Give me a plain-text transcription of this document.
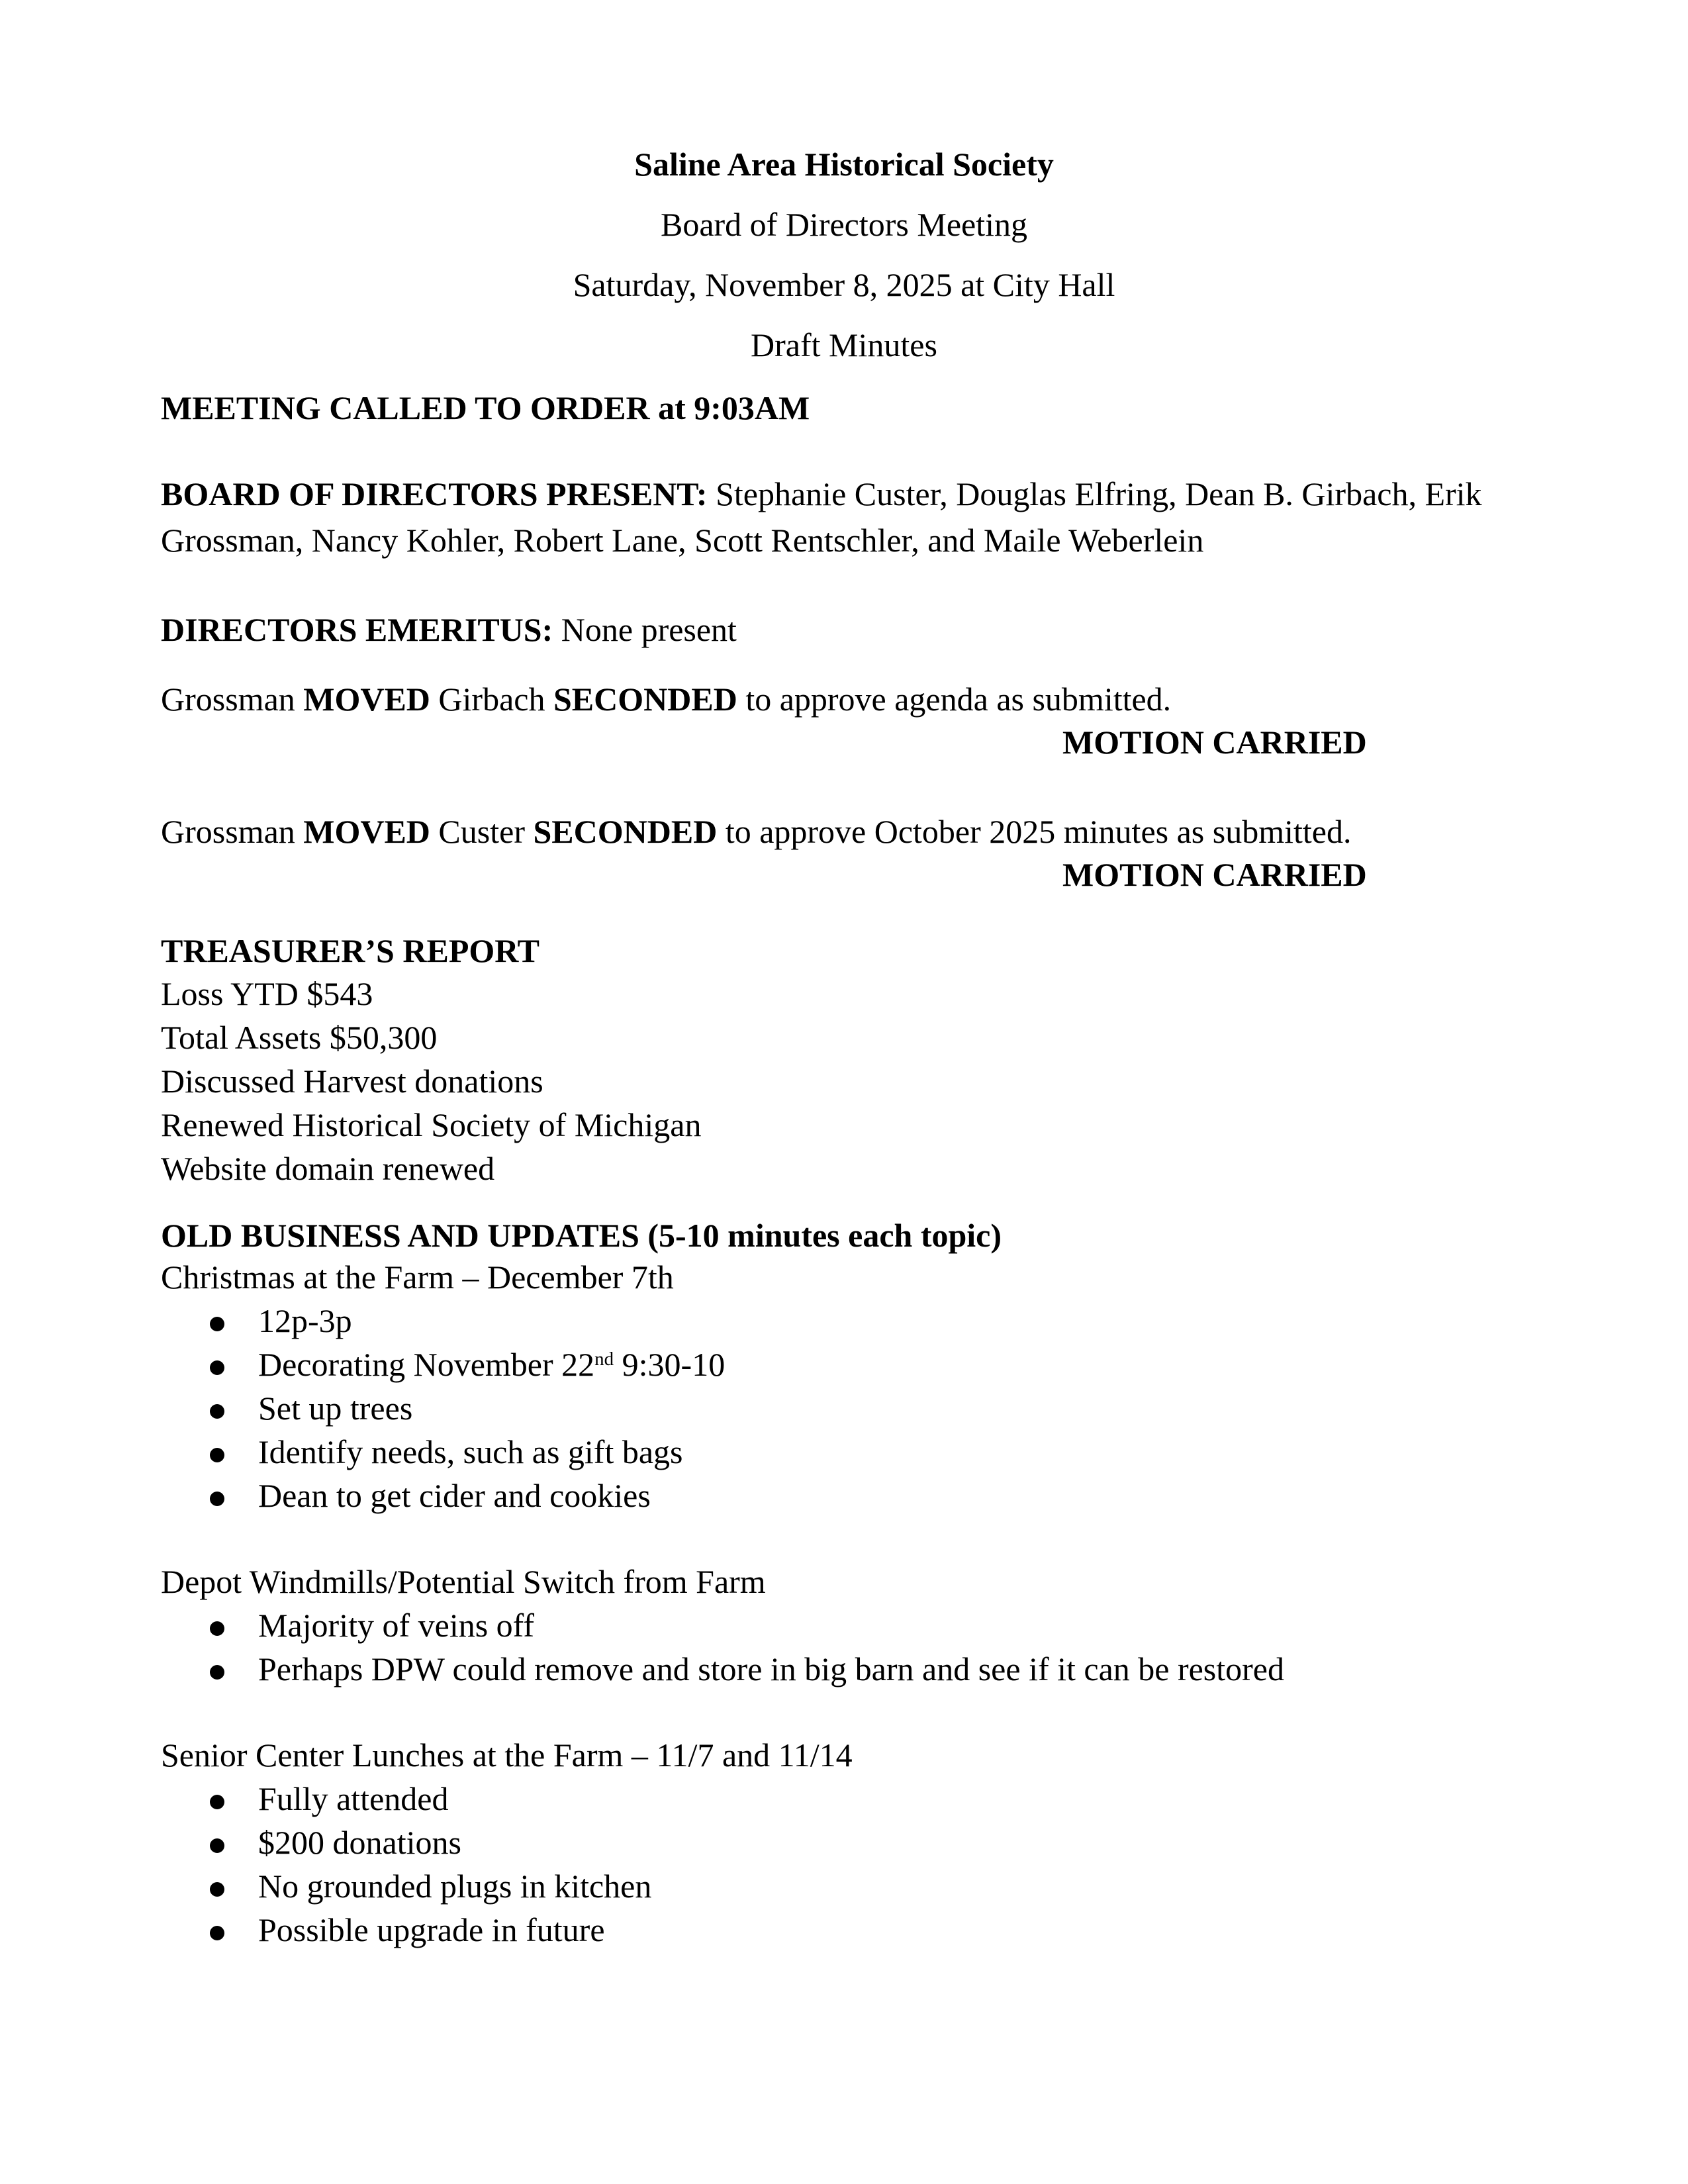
Saline Area Historical Society
Board of Directors Meeting
Saturday, November 8, 2025 at City Hall
Draft Minutes
MEETING CALLED TO ORDER at 9:03AM
BOARD OF DIRECTORS PRESENT: Stephanie Custer, Douglas Elfring, Dean B. Girbach, Erik Grossman, Nancy Kohler, Robert Lane, Scott Rentschler, and Maile Weberlein
DIRECTORS EMERITUS: None present
Grossman MOVED Girbach SECONDED to approve agenda as submitted.
MOTION CARRIED
Grossman MOVED Custer SECONDED to approve October 2025 minutes as submitted.
MOTION CARRIED
TREASURER’S REPORT
Loss YTD $543
Total Assets $50,300
Discussed Harvest donations
Renewed Historical Society of Michigan
Website domain renewed
OLD BUSINESS AND UPDATES (5-10 minutes each topic)
Christmas at the Farm – December 7th
12p-3p
Decorating November 22nd 9:30-10
Set up trees
Identify needs, such as gift bags
Dean to get cider and cookies
Depot Windmills/Potential Switch from Farm
Majority of veins off
Perhaps DPW could remove and store in big barn and see if it can be restored
Senior Center Lunches at the Farm – 11/7 and 11/14
Fully attended
$200 donations
No grounded plugs in kitchen
Possible upgrade in future
